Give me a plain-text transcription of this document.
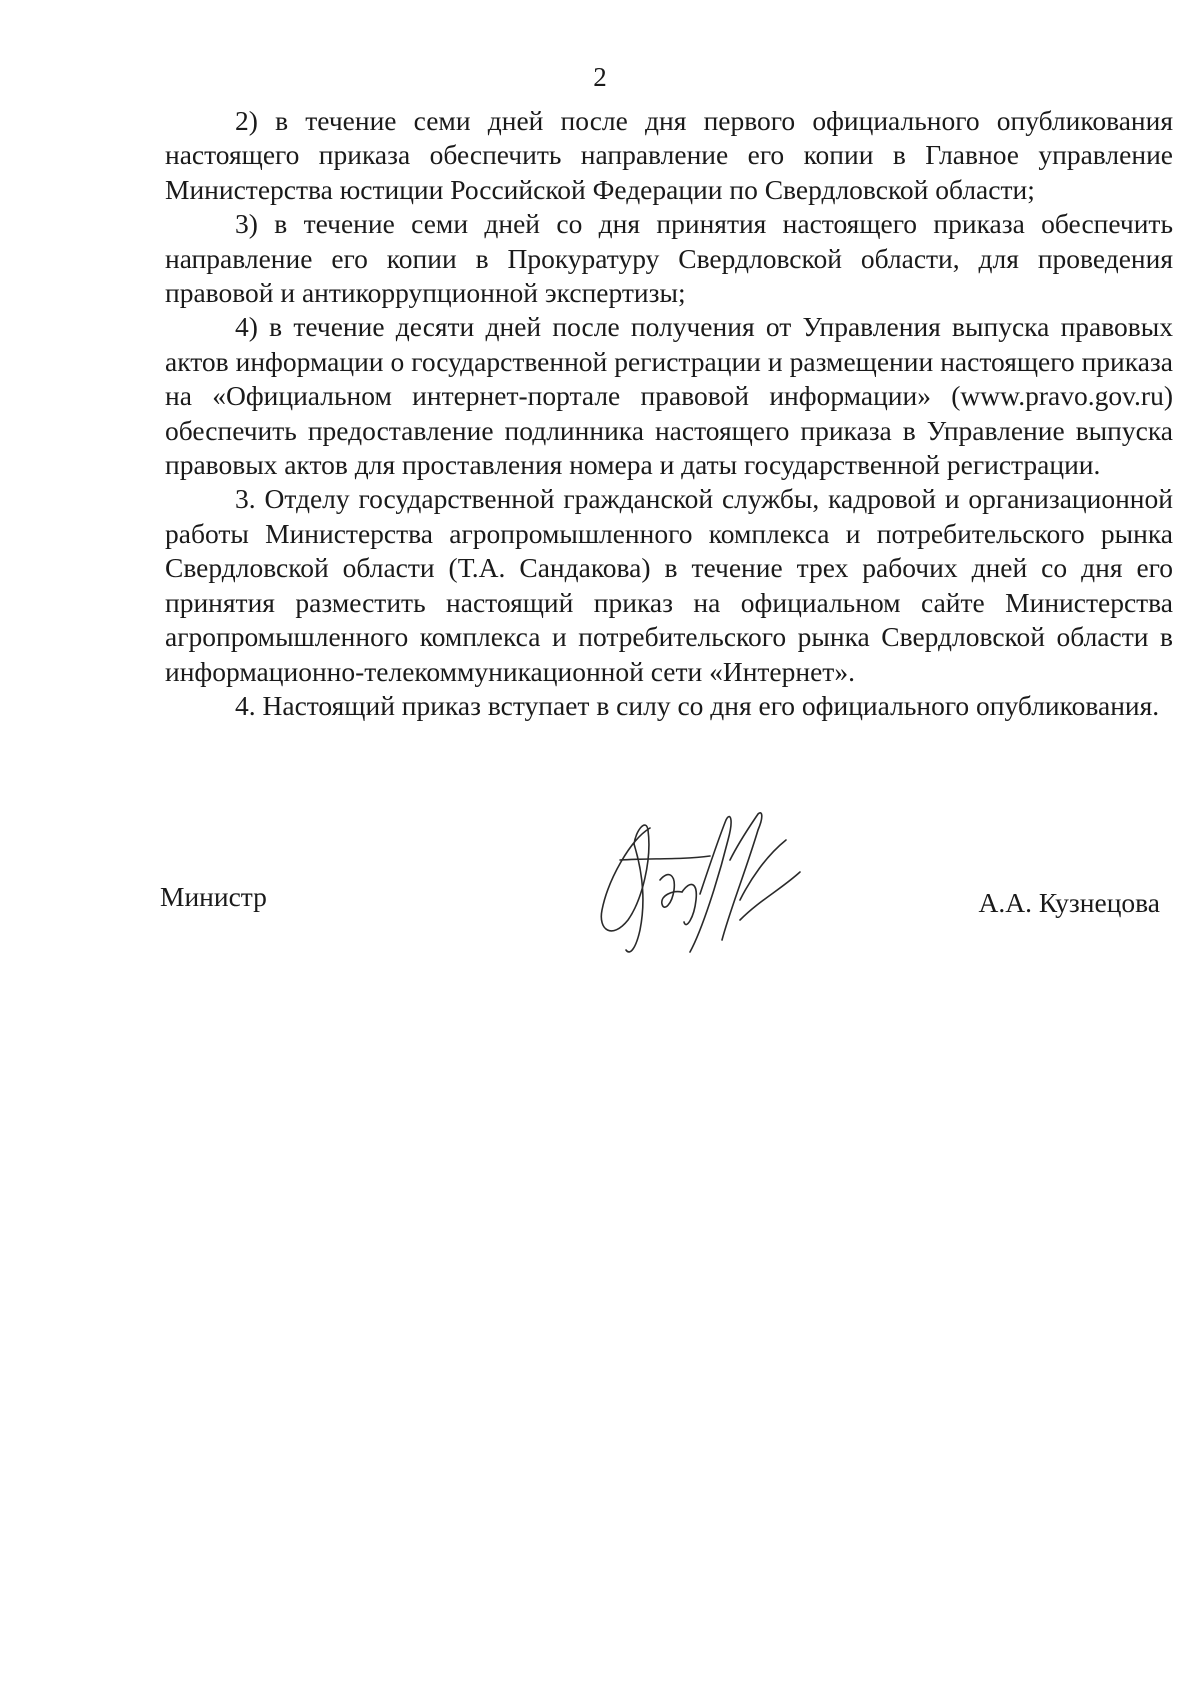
2

2) в течение семи дней после дня первого официального опубликования настоящего приказа обеспечить направление его копии в Главное управление Министерства юстиции Российской Федерации по Свердловской области;

3) в течение семи дней со дня принятия настоящего приказа обеспечить направление его копии в Прокуратуру Свердловской области, для проведения правовой и антикоррупционной экспертизы;

4) в течение десяти дней после получения от Управления выпуска правовых актов информации о государственной регистрации и размещении настоящего приказа на «Официальном интернет-портале правовой информации» (www.pravo.gov.ru) обеспечить предоставление подлинника настоящего приказа в Управление выпуска правовых актов для проставления номера и даты государственной регистрации.

3. Отделу государственной гражданской службы, кадровой и организационной работы Министерства агропромышленного комплекса и потребительского рынка Свердловской области (Т.А. Сандакова) в течение трех рабочих дней со дня его принятия разместить настоящий приказ на официальном сайте Министерства агропромышленного комплекса и потребительского рынка Свердловской области в информационно-телекоммуникационной сети «Интернет».

4. Настоящий приказ вступает в силу со дня его официального опубликования.

Министр	А.А. Кузнецова
